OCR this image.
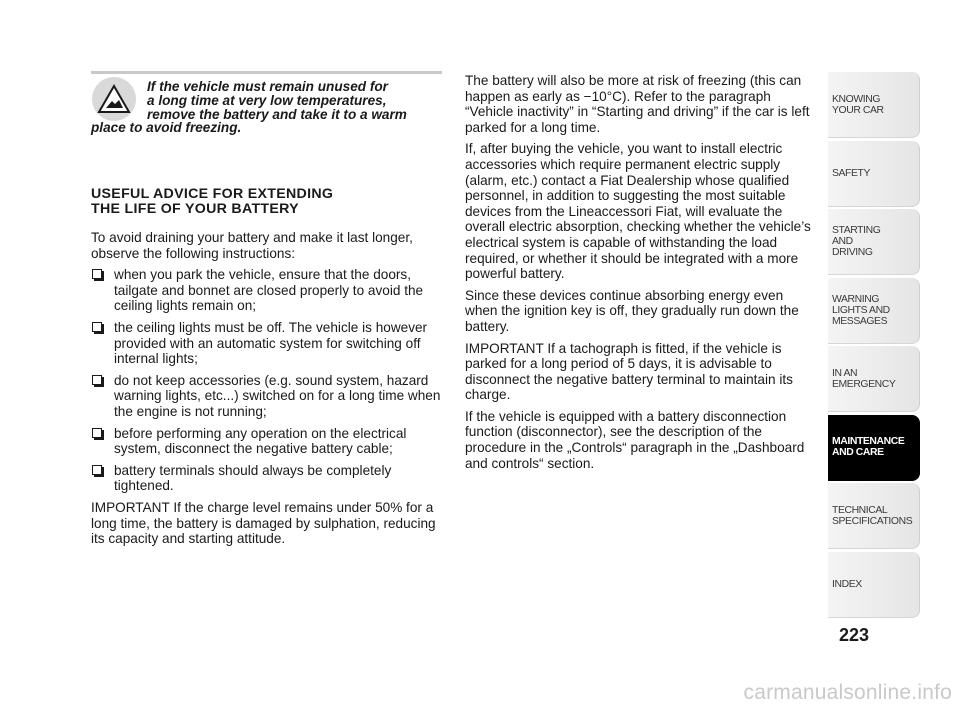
If the vehicle must remain unused for
a long time at very low temperatures,
remove the battery and take it to a warm
place to avoid freezing.
USEFUL ADVICE FOR EXTENDING
THE LIFE OF YOUR BATTERY

To avoid draining your battery and make it last longer, observe the following instructions:

when you park the vehicle, ensure that the doors, tailgate and bonnet are closed properly to avoid the ceiling lights remain on;
the ceiling lights must be off. The vehicle is however provided with an automatic system for switching off internal lights;
do not keep accessories (e.g. sound system, hazard warning lights, etc...) switched on for a long time when the engine is not running;
before performing any operation on the electrical system, disconnect the negative battery cable;
battery terminals should always be completely tightened.

IMPORTANT If the charge level remains under 50% for a long time, the battery is damaged by sulphation, reducing its capacity and starting attitude.

The battery will also be more at risk of freezing (this can happen as early as −10°C). Refer to the paragraph “Vehicle inactivity” in “Starting and driving” if the car is left parked for a long time.

If, after buying the vehicle, you want to install electric accessories which require permanent electric supply (alarm, etc.) contact a Fiat Dealership whose qualified personnel, in addition to suggesting the most suitable devices from the Lineaccessori Fiat, will evaluate the overall electric absorption, checking whether the vehicle’s electrical system is capable of withstanding the load required, or whether it should be integrated with a more powerful battery.

Since these devices continue absorbing energy even when the ignition key is off, they gradually run down the battery.

IMPORTANT If a tachograph is fitted, if the vehicle is parked for a long period of 5 days, it is advisable to disconnect the negative battery terminal to maintain its charge.

If the vehicle is equipped with a battery disconnection function (disconnector), see the description of the procedure in the „Controls“ paragraph in the „Dashboard and controls“ section.

KNOWING
YOUR CAR
SAFETY
STARTING
AND
DRIVING
WARNING
LIGHTS AND
MESSAGES
IN AN
EMERGENCY
MAINTENANCE
AND CARE
TECHNICAL
SPECIFICATIONS
INDEX
223
carmanualsonline.info
